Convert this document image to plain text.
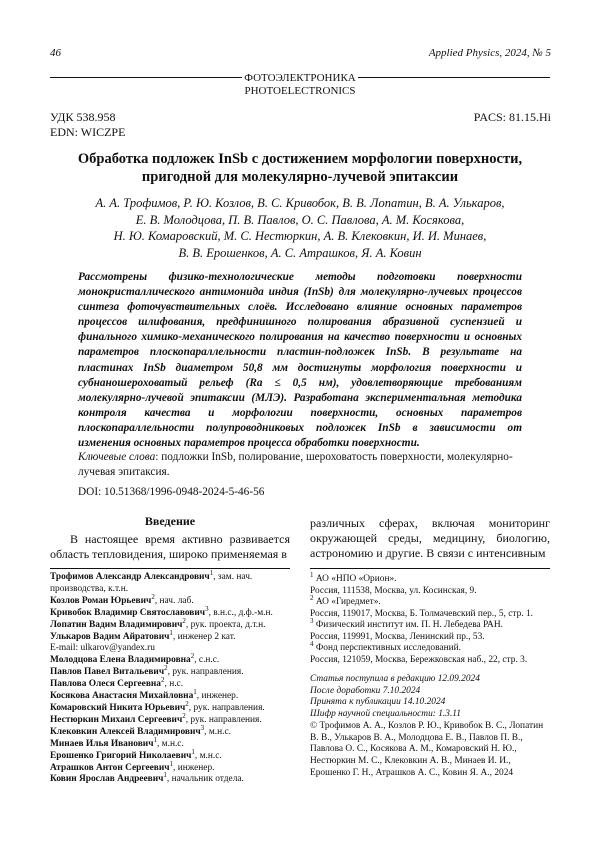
46	Applied Physics, 2024, № 5
ФОТОЭЛЕКТРОНИКА
PHOTOELECTRONICS
УДК 538.958
EDN: WICZPE
PACS: 81.15.Hi
Обработка подложек InSb с достижением морфологии поверхности, пригодной для молекулярно-лучевой эпитаксии
А. А. Трофимов, Р. Ю. Козлов, В. С. Кривобок, В. В. Лопатин, В. А. Улькаров,
Е. В. Молодцова, П. В. Павлов, О. С. Павлова, А. М. Косякова,
Н. Ю. Комаровский, М. С. Нестюркин, А. В. Клековкин, И. И. Минаев,
В. В. Ерошенков, А. С. Атрашков, Я. А. Ковин
Рассмотрены физико-технологические методы подготовки поверхности монокристаллического антимонида индия (InSb) для молекулярно-лучевых процессов синтеза фоточувствительных слоёв. Исследовано влияние основных параметров процессов шлифования, предфинишного полирования абразивной суспензией и финального химико-механического полирования на качество поверхности и основных параметров плоскопараллельности пластин-подложек InSb. В результате на пластинах InSb диаметром 50,8 мм достигнуты морфология поверхности и субнаношероховатый рельеф (Ra ≤ 0,5 нм), удовлетворяющие требованиям молекулярно-лучевой эпитаксии (МЛЭ). Разработана экспериментальная методика контроля качества и морфологии поверхности, основных параметров плоскопараллельности полупроводниковых подложек InSb в зависимости от изменения основных параметров процесса обработки поверхности.
Ключевые слова: подложки InSb, полирование, шероховатость поверхности, молекулярно-лучевая эпитаксия.
DOI: 10.51368/1996-0948-2024-5-46-56
Введение
В настоящее время активно развивается область тепловидения, широко применяемая в
различных сферах, включая мониторинг окружающей среды, медицину, биологию, астрономию и другие. В связи с интенсивным
Трофимов Александр Александрович$^1$, зам. нач. производства, к.т.н.
Козлов Роман Юрьевич$^2$, нач. лаб.
Кривобок Владимир Святославович$^3$, в.н.с., д.ф.-м.н.
Лопатин Вадим Владимирович$^2$, рук. проекта, д.т.н.
Улькаров Вадим Айратович$^1$, инженер 2 кат.
E-mail: ulkarov@yandex.ru
Молодцова Елена Владимировна$^2$, с.н.с.
Павлов Павел Витальевич$^2$, рук. направления.
Павлова Олеся Сергеевна$^2$, н.с.
Косякова Анастасия Михайловна$^1$, инженер.
Комаровский Никита Юрьевич$^2$, рук. направления.
Нестюркин Михаил Сергеевич$^2$, рук. направления.
Клековкин Алексей Владимирович$^3$, м.н.с.
Минаев Илья Иванович$^1$, м.н.с.
Ерошенко Григорий Николаевич$^1$, м.н.с.
Атрашков Антон Сергеевич$^1$, инженер.
Ковин Ярослав Андреевич$^1$, начальник отдела.
$^1$ АО «НПО «Орион».
Россия, 111538, Москва, ул. Косинская, 9.
$^2$ АО «Гиредмет».
Россия, 119017, Москва, Б. Толмачевский пер., 5, стр. 1.
$^3$ Физический институт им. П. Н. Лебедева РАН.
Россия, 119991, Москва, Ленинский пр., 53.
$^4$ Фонд перспективных исследований.
Россия, 121059, Москва, Бережковская наб., 22, стр. 3.
Статья поступила в редакцию 12.09.2024
После доработки 7.10.2024
Принята к публикации 14.10.2024
Шифр научной специальности: 1.3.11
© Трофимов А. А., Козлов Р. Ю., Кривобок В. С., Лопатин В. В., Улькаров В. А., Молодцова Е. В., Павлов П. В., Павлова О. С., Косякова А. М., Комаровский Н. Ю., Нестюркин М. С., Клековкин А. В., Минаев И. И., Ерошенко Г. Н., Атрашков А. С., Ковин Я. А., 2024
